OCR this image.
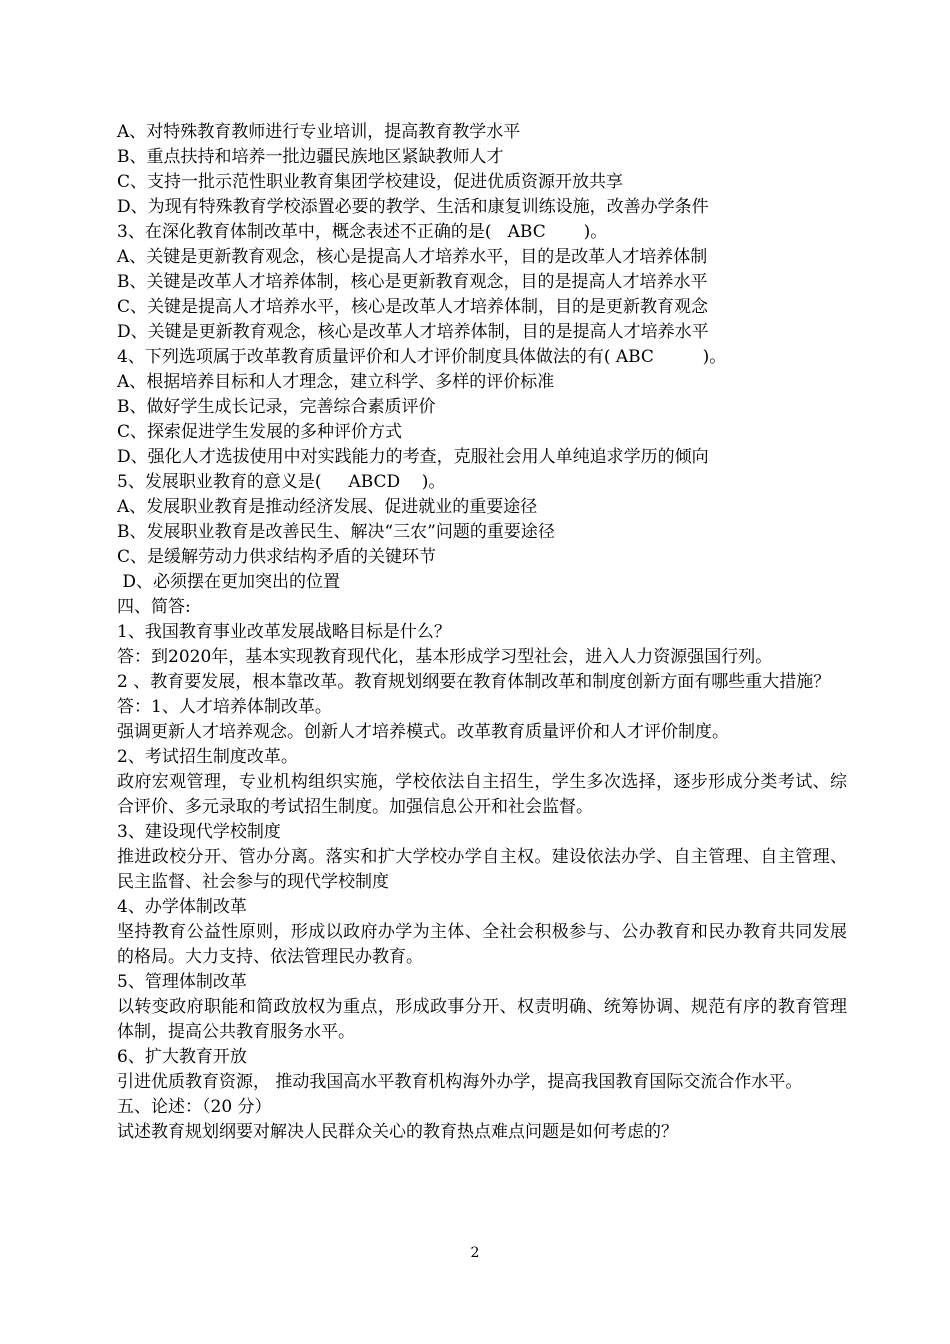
A、对特殊教育教师进行专业培训，提高教育教学水平

B、重点扶持和培养一批边疆民族地区紧缺教师人才

C、支持一批示范性职业教育集团学校建设，促进优质资源开放共享

D、为现有特殊教育学校添置必要的教学、生活和康复训练设施，改善办学条件

3、在深化教育体制改革中，概念表述不正确的是(   ABC       )。

A、关键是更新教育观念，核心是提高人才培养水平，目的是改革人才培养体制

B、关键是改革人才培养体制，核心是更新教育观念，目的是提高人才培养水平

C、关键是提高人才培养水平，核心是改革人才培养体制，目的是更新教育观念

D、关键是更新教育观念，核心是改革人才培养体制，目的是提高人才培养水平

4、下列选项属于改革教育质量评价和人才评价制度具体做法的有( ABC         )。

A、根据培养目标和人才理念，建立科学、多样的评价标准

B、做好学生成长记录，完善综合素质评价

C、探索促进学生发展的多种评价方式

D、强化人才选拔使用中对实践能力的考查，克服社会用人单纯追求学历的倾向

5、发展职业教育的意义是(     ABCD    )。

A、发展职业教育是推动经济发展、促进就业的重要途径

B、发展职业教育是改善民生、解决“三农”问题的重要途径

C、是缓解劳动力供求结构矛盾的关键环节

D、必须摆在更加突出的位置

四、简答:

1、我国教育事业改革发展战略目标是什么？

答：到2020年，基本实现教育现代化，基本形成学习型社会，进入人力资源强国行列。

2 、教育要发展，根本靠改革。教育规划纲要在教育体制改革和制度创新方面有哪些重大措施？

答：1、人才培养体制改革。

强调更新人才培养观念。创新人才培养模式。改革教育质量评价和人才评价制度。

2、考试招生制度改革。

政府宏观管理，专业机构组织实施，学校依法自主招生，学生多次选择，逐步形成分类考试、综合评价、多元录取的考试招生制度。加强信息公开和社会监督。

3、建设现代学校制度

推进政校分开、管办分离。落实和扩大学校办学自主权。建设依法办学、自主管理、自主管理、民主监督、社会参与的现代学校制度

4、办学体制改革

坚持教育公益性原则，形成以政府办学为主体、全社会积极参与、公办教育和民办教育共同发展的格局。大力支持、依法管理民办教育。

5、管理体制改革

以转变政府职能和简政放权为重点，形成政事分开、权责明确、统筹协调、规范有序的教育管理体制，提高公共教育服务水平。

6、扩大教育开放

引进优质教育资源， 推动我国高水平教育机构海外办学，提高我国教育国际交流合作水平。

五、论述：（20 分）

试述教育规划纲要对解决人民群众关心的教育热点难点问题是如何考虑的？

2
